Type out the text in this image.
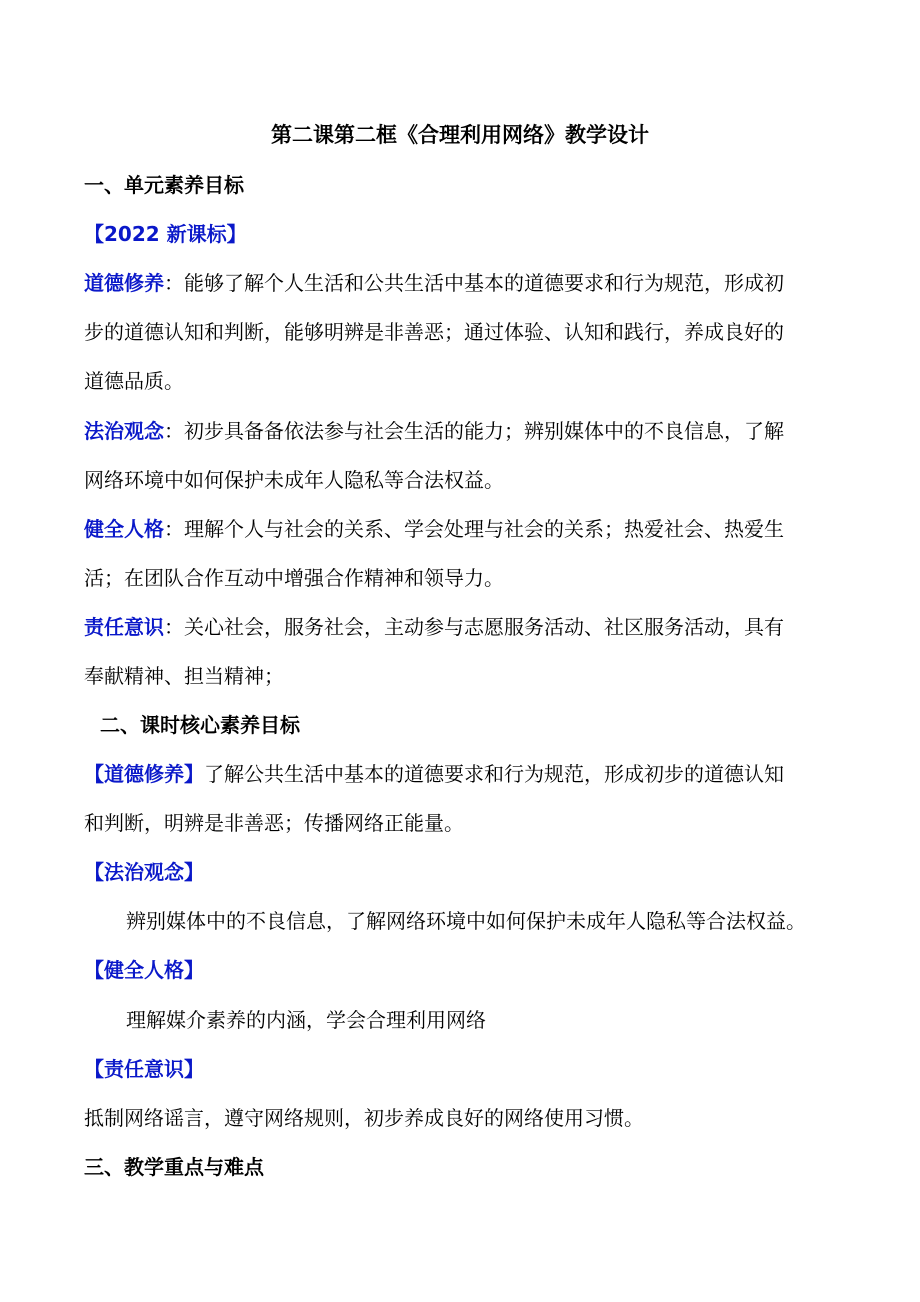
第二课第二框《合理利用网络》教学设计
一、单元素养目标
【2022 新课标】
道德修养：能够了解个人生活和公共生活中基本的道德要求和行为规范，形成初
步的道德认知和判断，能够明辨是非善恶；通过体验、认知和践行，养成良好的
道德品质。
法治观念：初步具备备依法参与社会生活的能力；辨别媒体中的不良信息，了解
网络环境中如何保护未成年人隐私等合法权益。
健全人格：理解个人与社会的关系、学会处理与社会的关系；热爱社会、热爱生
活；在团队合作互动中增强合作精神和领导力。
责任意识：关心社会，服务社会，主动参与志愿服务活动、社区服务活动，具有
奉献精神、担当精神；
二、课时核心素养目标
【道德修养】了解公共生活中基本的道德要求和行为规范，形成初步的道德认知
和判断，明辨是非善恶；传播网络正能量。
【法治观念】
辨别媒体中的不良信息，了解网络环境中如何保护未成年人隐私等合法权益。
【健全人格】
理解媒介素养的内涵，学会合理利用网络
【责任意识】
抵制网络谣言，遵守网络规则，初步养成良好的网络使用习惯。
三、教学重点与难点
